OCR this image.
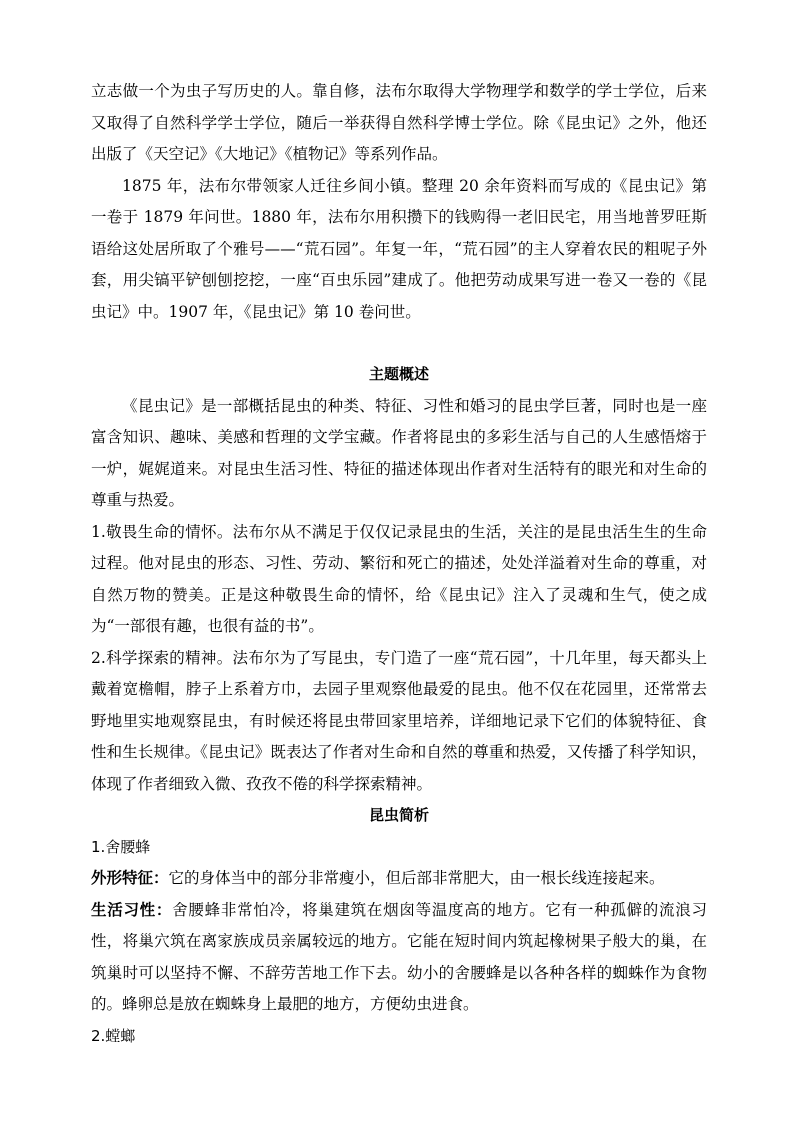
立志做一个为虫子写历史的人。靠自修，法布尔取得大学物理学和数学的学士学位，后来又取得了自然科学学士学位，随后一举获得自然科学博士学位。除《昆虫记》之外，他还出版了《天空记》《大地记》《植物记》等系列作品。

1875 年，法布尔带领家人迁往乡间小镇。整理 20 余年资料而写成的《昆虫记》第一卷于 1879 年问世。1880 年，法布尔用积攒下的钱购得一老旧民宅，用当地普罗旺斯语给这处居所取了个雅号——“荒石园”。年复一年，“荒石园”的主人穿着农民的粗呢子外套，用尖镐平铲刨刨挖挖，一座“百虫乐园”建成了。他把劳动成果写进一卷又一卷的《昆虫记》中。1907 年，《昆虫记》第 10 卷问世。

主题概述

《昆虫记》是一部概括昆虫的种类、特征、习性和婚习的昆虫学巨著，同时也是一座富含知识、趣味、美感和哲理的文学宝藏。作者将昆虫的多彩生活与自己的人生感悟熔于一炉，娓娓道来。对昆虫生活习性、特征的描述体现出作者对生活特有的眼光和对生命的尊重与热爱。

1.敬畏生命的情怀。法布尔从不满足于仅仅记录昆虫的生活，关注的是昆虫活生生的生命过程。他对昆虫的形态、习性、劳动、繁衍和死亡的描述，处处洋溢着对生命的尊重，对自然万物的赞美。正是这种敬畏生命的情怀，给《昆虫记》注入了灵魂和生气，使之成为“一部很有趣，也很有益的书”。

2.科学探索的精神。法布尔为了写昆虫，专门造了一座“荒石园”，十几年里，每天都头上戴着宽檐帽，脖子上系着方巾，去园子里观察他最爱的昆虫。他不仅在花园里，还常常去野地里实地观察昆虫，有时候还将昆虫带回家里培养，详细地记录下它们的体貌特征、食性和生长规律。《昆虫记》既表达了作者对生命和自然的尊重和热爱，又传播了科学知识，体现了作者细致入微、孜孜不倦的科学探索精神。

昆虫简析

1.舍腰蜂

外形特征：它的身体当中的部分非常瘦小，但后部非常肥大，由一根长线连接起来。

生活习性：舍腰蜂非常怕冷，将巢建筑在烟囱等温度高的地方。它有一种孤僻的流浪习性，将巢穴筑在离家族成员亲属较远的地方。它能在短时间内筑起橡树果子般大的巢，在筑巢时可以坚持不懈、不辞劳苦地工作下去。幼小的舍腰蜂是以各种各样的蜘蛛作为食物的。蜂卵总是放在蜘蛛身上最肥的地方，方便幼虫进食。

2.螳螂
